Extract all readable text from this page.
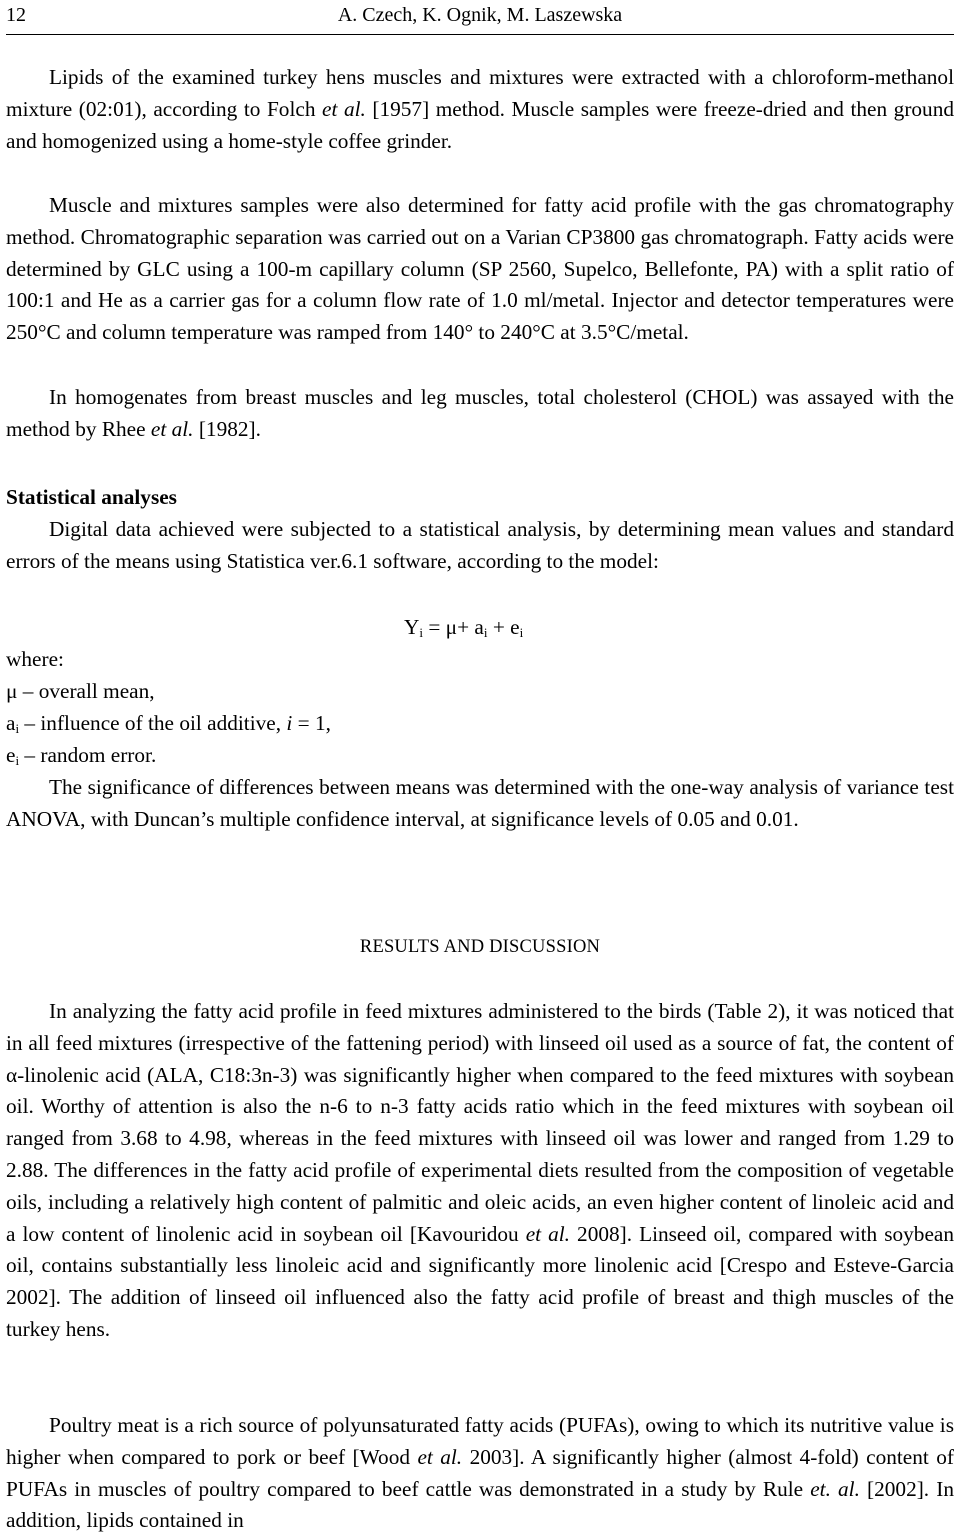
12	A. Czech, K. Ognik, M. Laszewska

Lipids of the examined turkey hens muscles and mixtures were extracted with a chloroform-methanol mixture (02:01), according to Folch et al. [1957] method. Muscle samples were freeze-dried and then ground and homogenized using a home-style coffee grinder.

Muscle and mixtures samples were also determined for fatty acid profile with the gas chromatography method. Chromatographic separation was carried out on a Varian CP3800 gas chromatograph. Fatty acids were determined by GLC using a 100-m capillary column (SP 2560, Supelco, Bellefonte, PA) with a split ratio of 100:1 and He as a carrier gas for a column flow rate of 1.0 ml/metal. Injector and detector temperatures were 250°C and column temperature was ramped from 140° to 240°C at 3.5°C/metal.

In homogenates from breast muscles and leg muscles, total cholesterol (CHOL) was assayed with the method by Rhee et al. [1982].

Statistical analyses

Digital data achieved were subjected to a statistical analysis, by determining mean values and standard errors of the means using Statistica ver.6.1 software, according to the model:

$Y_i = \mu+ a_i + e_i$

where:

μ – overall mean,

$a_i$ – influence of the oil additive, i = 1,

$e_i$ – random error.

The significance of differences between means was determined with the one-way analysis of variance test ANOVA, with Duncan’s multiple confidence interval, at significance levels of 0.05 and 0.01.

RESULTS AND DISCUSSION

In analyzing the fatty acid profile in feed mixtures administered to the birds (Table 2), it was noticed that in all feed mixtures (irrespective of the fattening period) with linseed oil used as a source of fat, the content of α-linolenic acid (ALA, C18:3n-3) was significantly higher when compared to the feed mixtures with soybean oil. Worthy of attention is also the n-6 to n-3 fatty acids ratio which in the feed mixtures with soybean oil ranged from 3.68 to 4.98, whereas in the feed mixtures with linseed oil was lower and ranged from 1.29 to 2.88. The differences in the fatty acid profile of experimental diets resulted from the composition of vegetable oils, including a relatively high content of palmitic and oleic acids, an even higher content of linoleic acid and a low content of linolenic acid in soybean oil [Kavouridou et al. 2008]. Linseed oil, compared with soybean oil, contains substantially less linoleic acid and significantly more linolenic acid [Crespo and Esteve-Garcia 2002]. The addition of linseed oil influenced also the fatty acid profile of breast and thigh muscles of the turkey hens.

Poultry meat is a rich source of polyunsaturated fatty acids (PUFAs), owing to which its nutritive value is higher when compared to pork or beef [Wood et al. 2003]. A significantly higher (almost 4-fold) content of PUFAs in muscles of poultry compared to beef cattle was demonstrated in a study by Rule et. al. [2002]. In addition, lipids contained in
